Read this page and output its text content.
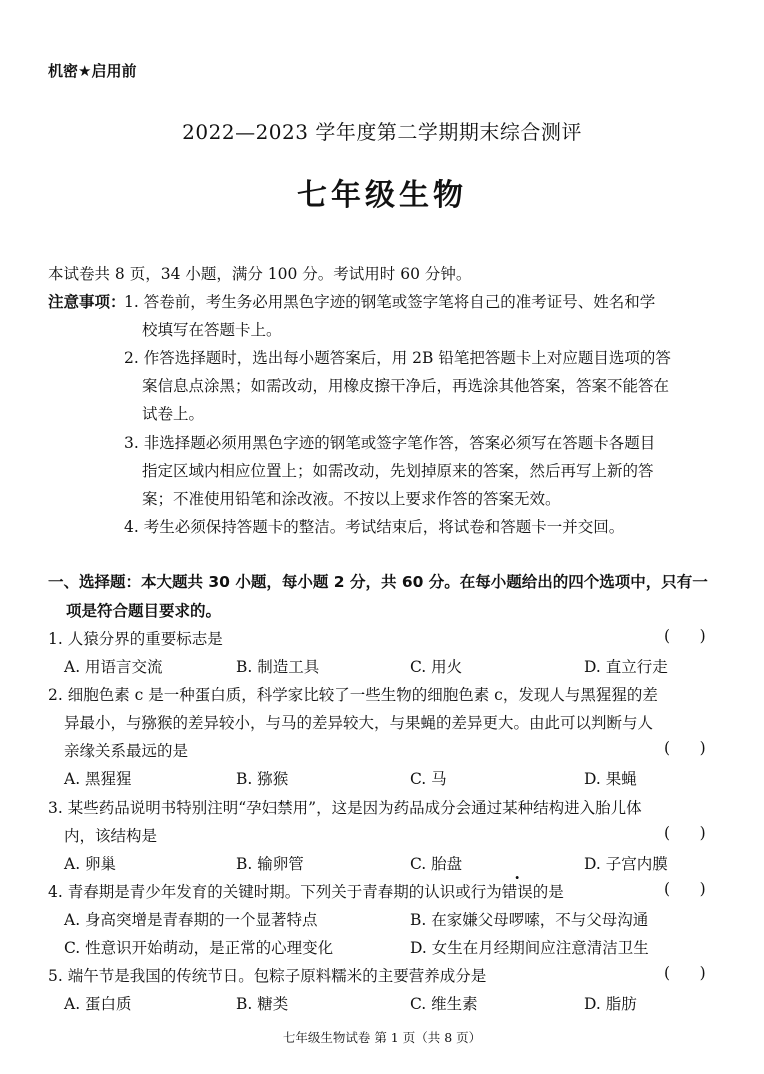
机密★启用前
2022—2023 学年度第二学期期末综合测评
七年级生物
本试卷共 8 页，34 小题，满分 100 分。考试用时 60 分钟。
注意事项：
1. 答卷前，考生务必用黑色字迹的钢笔或签字笔将自己的准考证号、姓名和学
校填写在答题卡上。
2. 作答选择题时，选出每小题答案后，用 2B 铅笔把答题卡上对应题目选项的答
案信息点涂黑；如需改动，用橡皮擦干净后，再选涂其他答案，答案不能答在
试卷上。
3. 非选择题必须用黑色字迹的钢笔或签字笔作答，答案必须写在答题卡各题目
指定区域内相应位置上；如需改动，先划掉原来的答案，然后再写上新的答
案；不准使用铅笔和涂改液。不按以上要求作答的答案无效。
4. 考生必须保持答题卡的整洁。考试结束后，将试卷和答题卡一并交回。
一、选择题：本大题共 30 小题，每小题 2 分，共 60 分。在每小题给出的四个选项中，只有一
项是符合题目要求的。
1. 人猿分界的重要标志是	(      )
A. 用语言交流	B. 制造工具	C. 用火	D. 直立行走
2. 细胞色素 c 是一种蛋白质，科学家比较了一些生物的细胞色素 c，发现人与黑猩猩的差
异最小，与猕猴的差异较小，与马的差异较大，与果蝇的差异更大。由此可以判断与人
亲缘关系最远的是	(      )
A. 黑猩猩	B. 猕猴	C. 马	D. 果蝇
3. 某些药品说明书特别注明“孕妇禁用”，这是因为药品成分会通过某种结构进入胎儿体
内，该结构是	(      )
A. 卵巢	B. 输卵管	C. 胎盘	D. 子宫内膜
4. 青春期是青少年发育的关键时期。下列关于青春期的认识或行为错误的是	(      )
A. 身高突增是青春期的一个显著特点	B. 在家嫌父母啰嗦，不与父母沟通
C. 性意识开始萌动，是正常的心理变化	D. 女生在月经期间应注意清洁卫生
5. 端午节是我国的传统节日。包粽子原料糯米的主要营养成分是	(      )
A. 蛋白质	B. 糖类	C. 维生素	D. 脂肪
七年级生物试卷 第 1 页（共 8 页）
